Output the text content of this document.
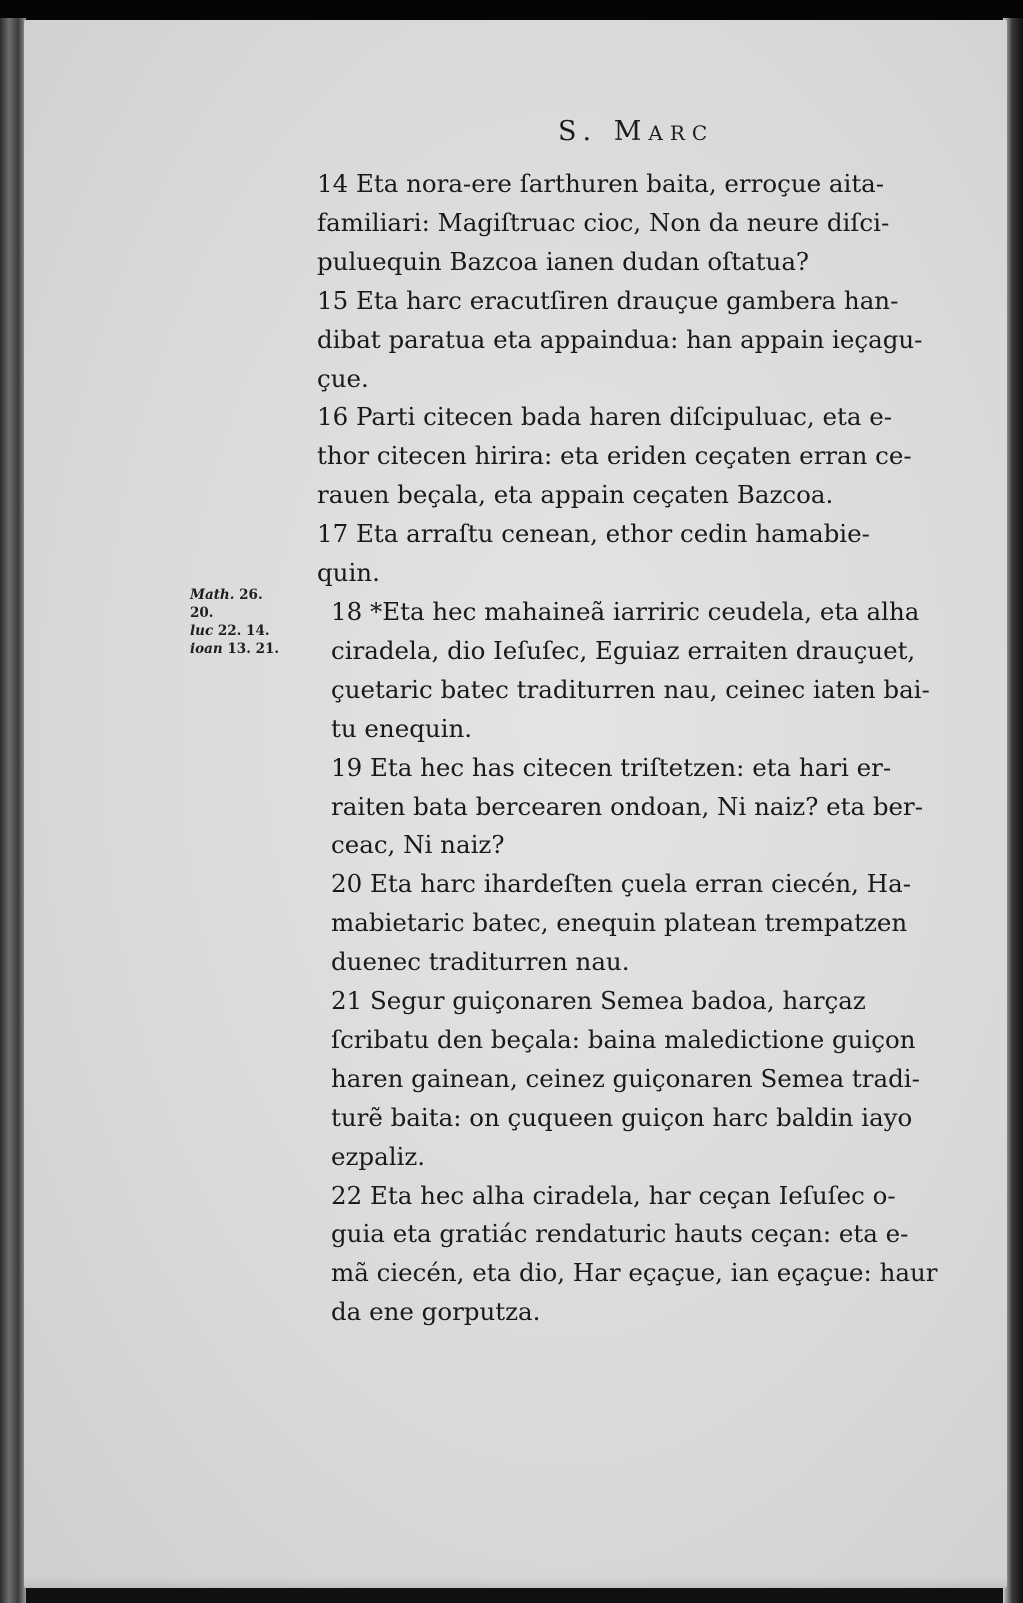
S. MARC
Math. 26.
20.
luc 22. 14.
ioan 13. 21.
14 Eta nora-ere ſarthuren baita, erroçue aita-
familiari: Magiſtruac cioc, Non da neure diſci-
puluequin Bazcoa ianen dudan oſtatua?
15 Eta harc eracutſiren drauçue gambera han-
dibat paratua eta appaindua: han appain ieçagu-
çue.
16 Parti citecen bada haren diſcipuluac, eta e-
thor citecen hirira: eta eriden ceçaten erran ce-
rauen beçala, eta appain ceçaten Bazcoa.
17 Eta arraſtu cenean, ethor cedin hamabie-
quin.
18 *Eta hec mahaineã iarriric ceudela, eta alha
ciradela, dio Ieſuſec, Eguiaz erraiten drauçuet,
çuetaric batec traditurren nau, ceinec iaten bai-
tu enequin.
19 Eta hec has citecen triſtetzen: eta hari er-
raiten bata bercearen ondoan, Ni naiz? eta ber-
ceac, Ni naiz?
20 Eta harc ihardeſten çuela erran ciecén, Ha-
mabietaric batec, enequin platean trempatzen
duenec traditurren nau.
21 Segur guiçonaren Semea badoa, harçaz
ſcribatu den beçala: baina maledictione guiçon
haren gainean, ceinez guiçonaren Semea tradi-
turẽ baita: on çuqueen guiçon harc baldin iayo
ezpaliz.
22 Eta hec alha ciradela, har ceçan Ieſuſec o-
guia eta gratiác rendaturic hauts ceçan: eta e-
mã ciecén, eta dio, Har eçaçue, ian eçaçue: haur
da ene gorputza.
